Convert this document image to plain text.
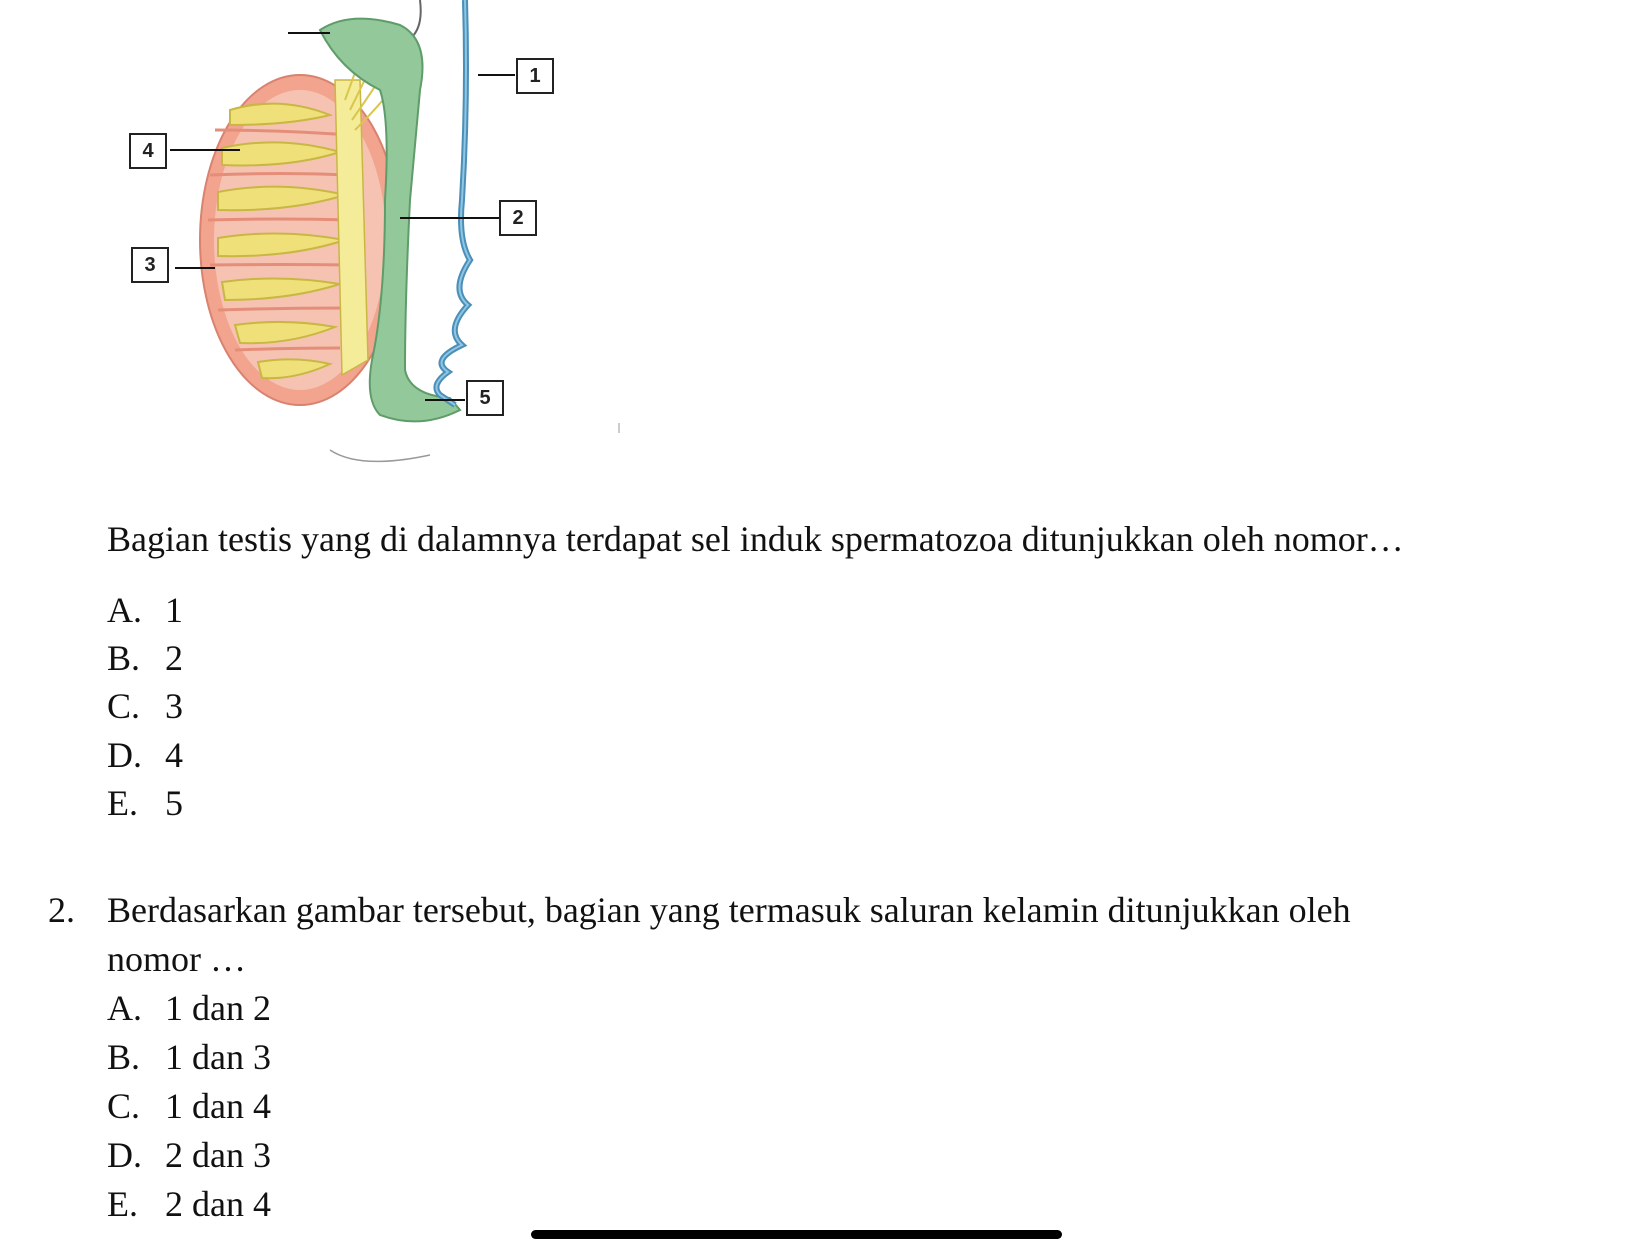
1
2
3
4
5
Bagian testis yang di dalamnya terdapat sel induk spermatozoa ditunjukkan oleh nomor…
A. 1
B. 2
C. 3
D. 4
E. 5
2. Berdasarkan gambar tersebut, bagian yang termasuk saluran kelamin ditunjukkan oleh
nomor …
A. 1 dan 2
B. 1 dan 3
C. 1 dan 4
D. 2 dan 3
E. 2 dan 4
